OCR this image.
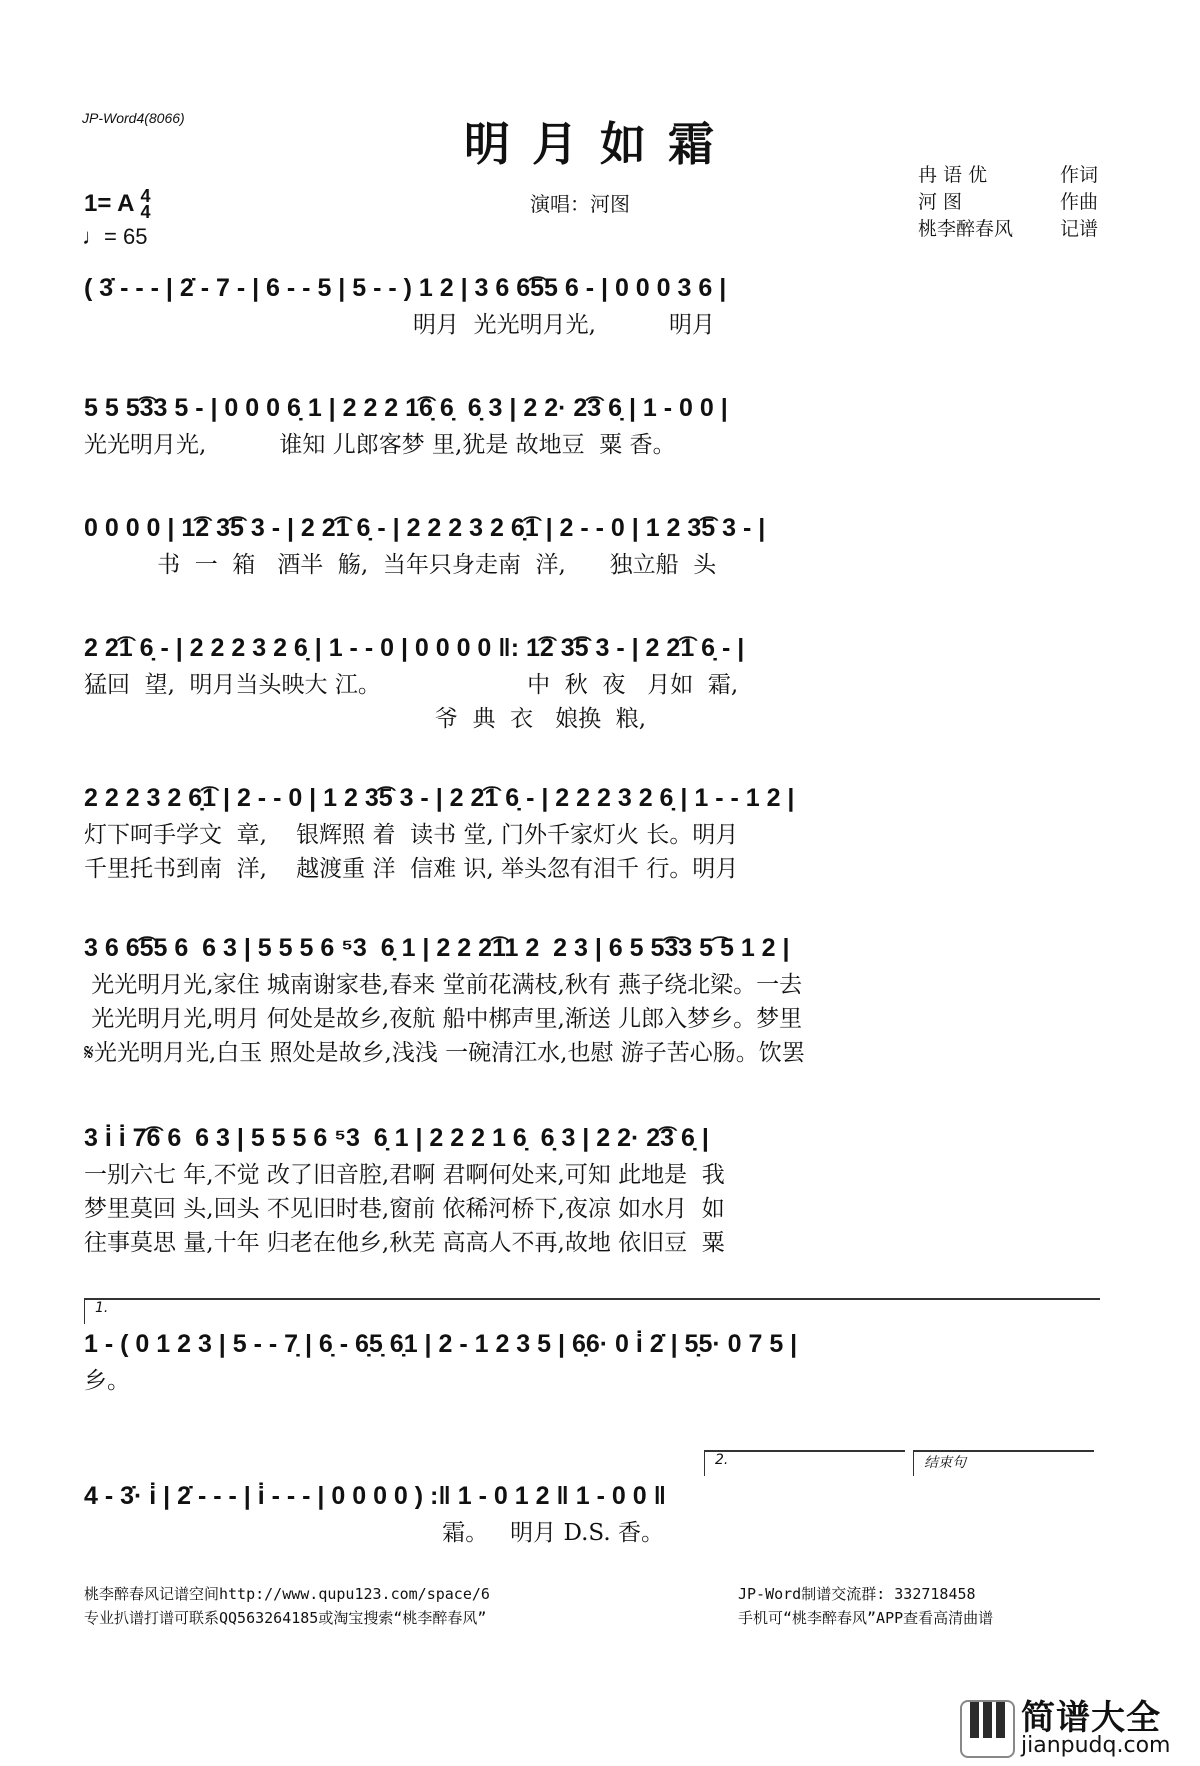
JP-Word4(8066)	明月如霜
演唱：河图
冉 语 优	作词
河 图	作曲
桃李醉春风 记谱
1= A 4
4
♩= 65
( 3̇ - - - | 2̇ - 7 - | 6 - - 5 | 5 - - ) 1 2 | 3 6 6͡55 6 - | 0 0 0 3 6 |
明月  光光明月光,          明月
5 5 5͡33 5 - | 0 0 0 6̣ 1 | 2 2 2 1͡6̣ 6̣  6̣ 3 | 2 2· 2͡3 6̣ | 1 - 0 0 |
光光明月光,          谁知 儿郎客梦 里,犹是 故地豆  粟 香。
0 0 0 0 | 1͡2 3͡5 3 - | 2 2͡1 6̣ - | 2 2 2 3 2 6̣͡1 | 2 - - 0 | 1 2 3͡5 3 - |
书  一  箱   酒半  觞,  当年只身走南  洋,      独立船  头
2 2͡1 6̣ - | 2 2 2 3 2 6̣ | 1 - - 0 | 0 0 0 0 ‖: 1͡2 3͡5 3 - | 2 2͡1 6̣ - |
猛回  望,  明月当头映大 江。                    中  秋  夜   月如  霜,
爷  典  衣   娘换  粮,
2 2 2 3 2 6̣͡1 | 2 - - 0 | 1 2 3͡5 3 - | 2 2͡1 6̣ - | 2 2 2 3 2 6̣ | 1 - - 1 2 |
灯下呵手学文  章,    银辉照 着  读书 堂, 门外千家灯火 长。明月
千里托书到南  洋,    越渡重 洋  信难 识, 举头忽有泪千 行。明月
3 6 6͡55 6  6 3 | 5 5 5 6 ⁵3  6̣ 1 | 2 2 2͡11 2  2 3 | 6 5 5͡33 5͡ 5 1 2 |
光光明月光,家住 城南谢家巷,春来 堂前花满枝,秋有 燕子绕北梁。一去
光光明月光,明月 何处是故乡,夜航 船中梆声里,渐送 儿郎入梦乡。梦里
𝄋光光明月光,白玉 照处是故乡,浅浅 一碗清江水,也慰 游子苦心肠。饮罢
3 i̇ i̇ 7͡6 6  6 3 | 5 5 5 6 ⁵3  6̣ 1 | 2 2 2 1 6̣  6̣ 3 | 2 2· 2͡3 6̣ |
一别六七 年,不觉 改了旧音腔,君啊 君啊何处来,可知 此地是  我
梦里莫回 头,回头 不见旧时巷,窗前 依稀河桥下,夜凉 如水月  如
往事莫思 量,十年 归老在他乡,秋芜 高高人不再,故地 依旧豆  粟
1.
1 - ( 0 1 2 3 | 5 - - 7̣ | 6̣ - 6̣5̣ 6̣1 | 2 - 1 2 3 5 | 6̣6· 0 i̇ 2̇ | 5̣5· 0 7 5 |
乡。
2.	结束句
4 - 3̇· i̇ | 2̇ - - - | i̇ - - - | 0 0 0 0 ) :‖ 1 - 0 1 2 ‖ 1 - 0 0 ‖
霜。   明月 D.S. 香。
桃李醉春风记谱空间http://www.qupu123.com/space/6
专业扒谱打谱可联系QQ563264185或淘宝搜索“桃李醉春风”
JP-Word制谱交流群: 332718458
手机可“桃李醉春风”APP查看高清曲谱
简谱大全
jianpudq.com
